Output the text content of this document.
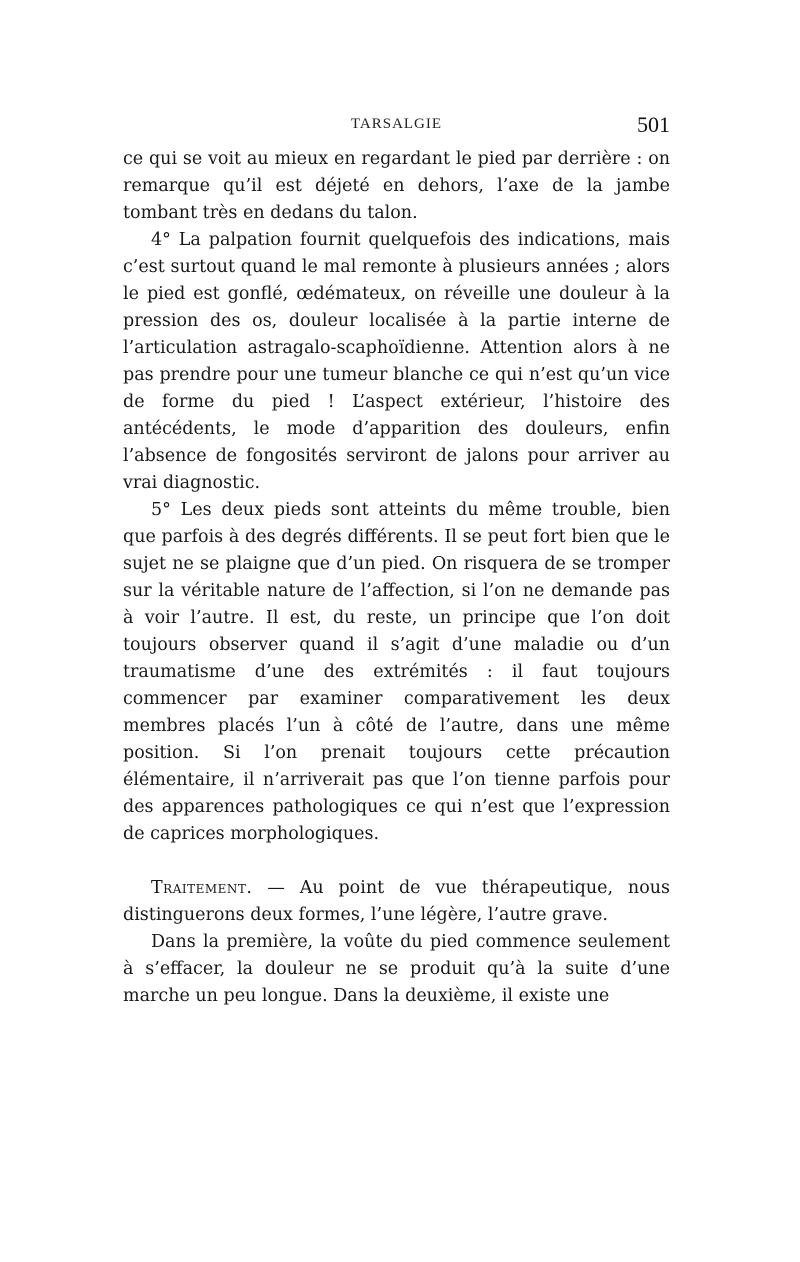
TARSALGIE	501

ce qui se voit au mieux en regardant le pied par derrière : on remarque qu’il est déjeté en dehors, l’axe de la jambe tombant très en dedans du talon.

4° La palpation fournit quelquefois des indications, mais c’est surtout quand le mal remonte à plusieurs années ; alors le pied est gonflé, œdémateux, on réveille une douleur à la pression des os, douleur localisée à la partie interne de l’articulation astragalo-scaphoïdienne. Attention alors à ne pas prendre pour une tumeur blanche ce qui n’est qu’un vice de forme du pied ! L’aspect extérieur, l’histoire des antécédents, le mode d’apparition des douleurs, enfin l’absence de fongosités serviront de jalons pour arriver au vrai diagnostic.

5° Les deux pieds sont atteints du même trouble, bien que parfois à des degrés différents. Il se peut fort bien que le sujet ne se plaigne que d’un pied. On risquera de se tromper sur la véritable nature de l’affection, si l’on ne demande pas à voir l’autre. Il est, du reste, un principe que l’on doit toujours observer quand il s’agit d’une maladie ou d’un traumatisme d’une des extrémités : il faut toujours commencer par examiner comparativement les deux membres placés l’un à côté de l’autre, dans une même position. Si l’on prenait toujours cette précaution élémentaire, il n’arriverait pas que l’on tienne parfois pour des apparences pathologiques ce qui n’est que l’expression de caprices morphologiques.

Traitement. — Au point de vue thérapeutique, nous distinguerons deux formes, l’une légère, l’autre grave.

Dans la première, la voûte du pied commence seulement à s’effacer, la douleur ne se produit qu’à la suite d’une marche un peu longue. Dans la deuxième, il existe une
